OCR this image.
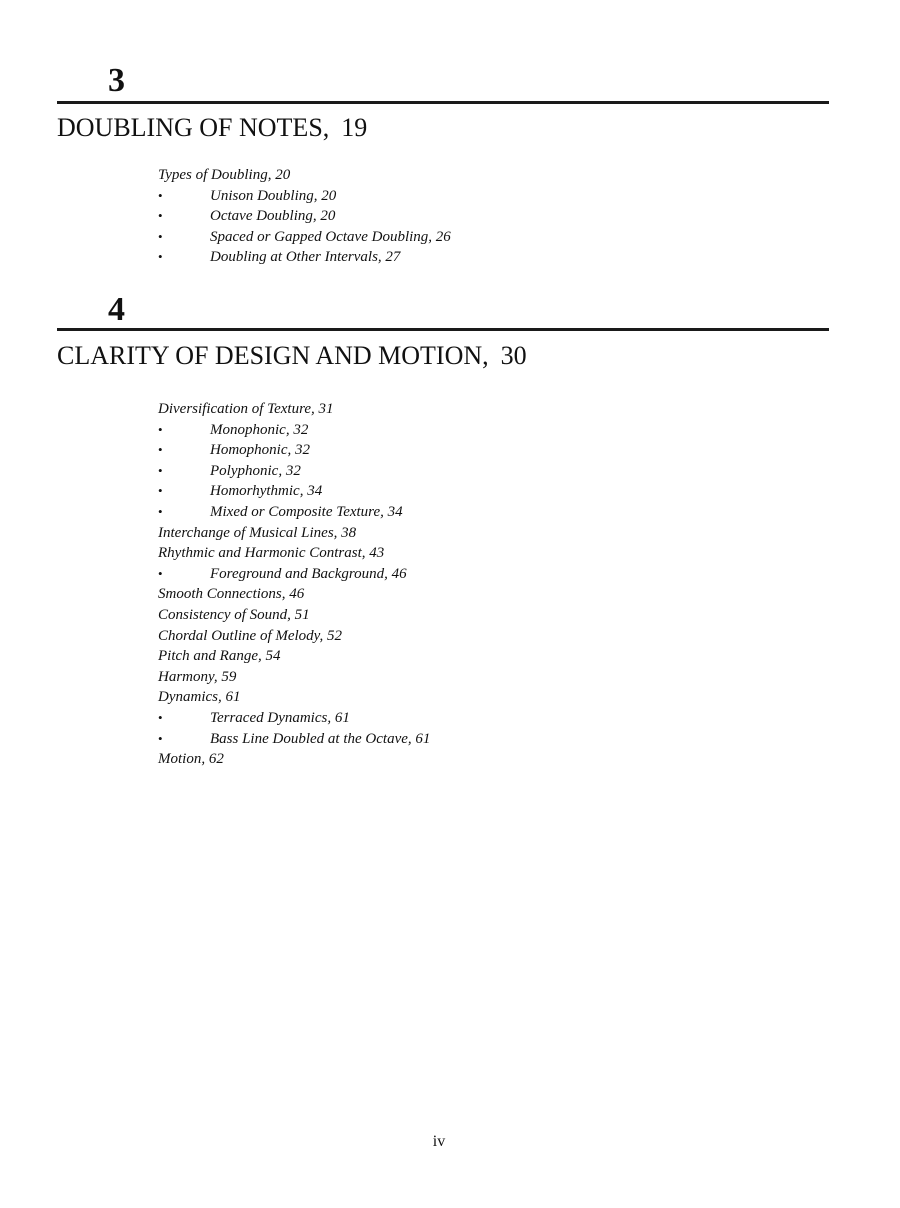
3
DOUBLING OF NOTES, 19
Types of Doubling, 20
•	Unison Doubling, 20
•	Octave Doubling, 20
•	Spaced or Gapped Octave Doubling, 26
•	Doubling at Other Intervals, 27
4
CLARITY OF DESIGN AND MOTION, 30
Diversification of Texture, 31
•	Monophonic, 32
•	Homophonic, 32
•	Polyphonic, 32
•	Homorhythmic, 34
•	Mixed or Composite Texture, 34
Interchange of Musical Lines, 38
Rhythmic and Harmonic Contrast, 43
•	Foreground and Background, 46
Smooth Connections, 46
Consistency of Sound, 51
Chordal Outline of Melody, 52
Pitch and Range, 54
Harmony, 59
Dynamics, 61
•	Terraced Dynamics, 61
•	Bass Line Doubled at the Octave, 61
Motion, 62
iv
